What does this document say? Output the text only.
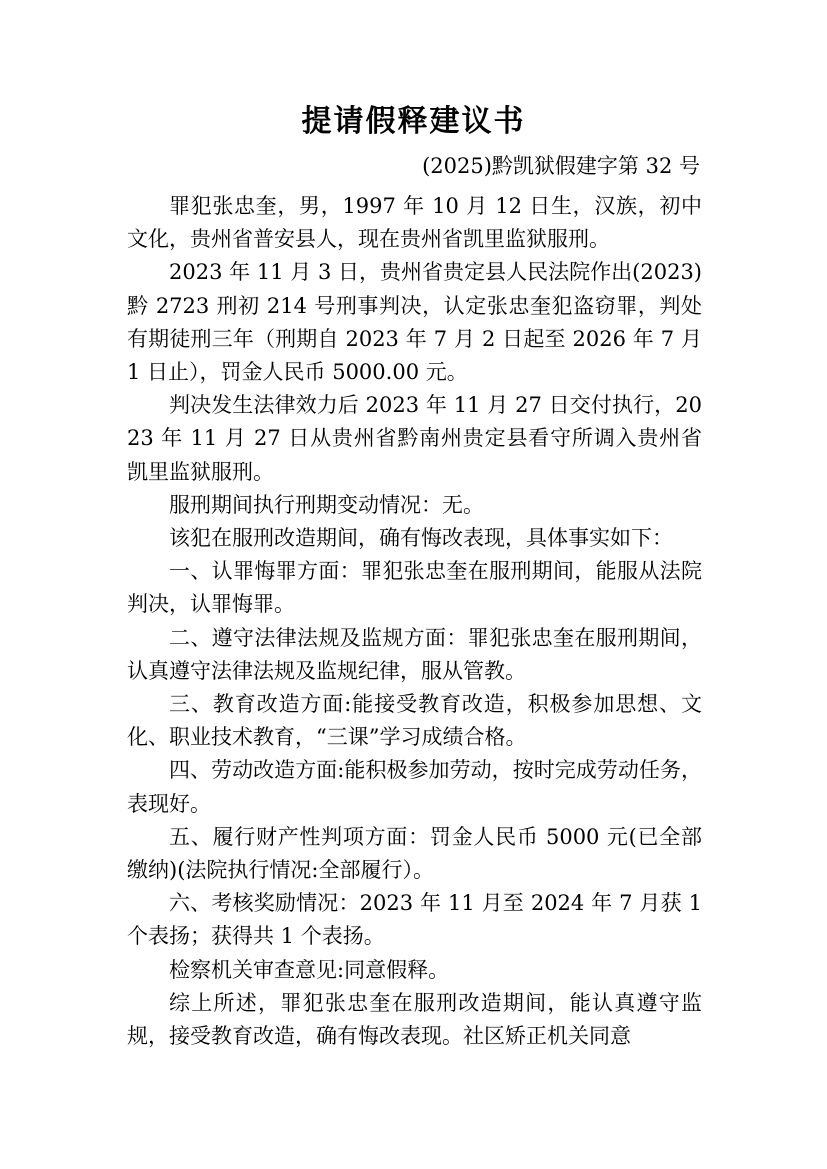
提请假释建议书
(2025)黔凯狱假建字第 32 号

罪犯张忠奎，男，1997 年 10 月 12 日生，汉族，初中文化，贵州省普安县人，现在贵州省凯里监狱服刑。

2023 年 11 月 3 日，贵州省贵定县人民法院作出(2023)黔 2723 刑初 214 号刑事判决，认定张忠奎犯盗窃罪，判处有期徒刑三年（刑期自 2023 年 7 月 2 日起至 2026 年 7 月 1 日止），罚金人民币 5000.00 元。

判决发生法律效力后 2023 年 11 月 27 日交付执行，2023 年 11 月 27 日从贵州省黔南州贵定县看守所调入贵州省凯里监狱服刑。

服刑期间执行刑期变动情况：无。

该犯在服刑改造期间，确有悔改表现，具体事实如下：

一、认罪悔罪方面：罪犯张忠奎在服刑期间，能服从法院判决，认罪悔罪。

二、遵守法律法规及监规方面：罪犯张忠奎在服刑期间，认真遵守法律法规及监规纪律，服从管教。

三、教育改造方面:能接受教育改造，积极参加思想、文化、职业技术教育，“三课”学习成绩合格。

四、劳动改造方面:能积极参加劳动，按时完成劳动任务，表现好。

五、履行财产性判项方面：罚金人民币 5000 元(已全部缴纳)(法院执行情况:全部履行）。

六、考核奖励情况：2023 年 11 月至 2024 年 7 月获 1 个表扬；获得共 1 个表扬。

检察机关审查意见:同意假释。

综上所述，罪犯张忠奎在服刑改造期间，能认真遵守监规，接受教育改造，确有悔改表现。社区矫正机关同意
